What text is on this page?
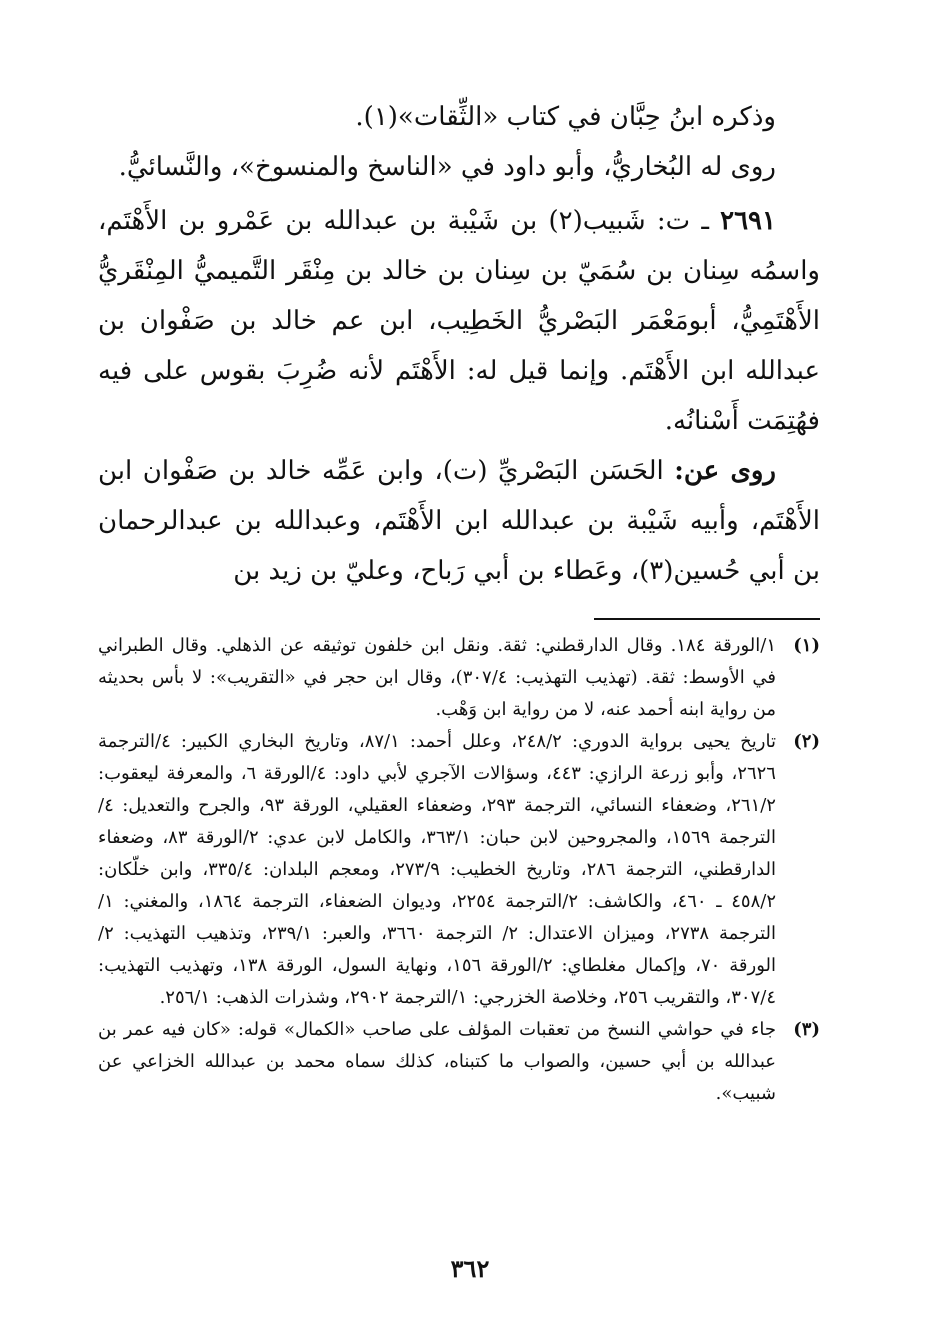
وذكره ابنُ حِبَّان في كتاب «الثِّقات»(١).

روى له البُخاريُّ، وأبو داود في «الناسخ والمنسوخ»، والنَّسائيُّ.

٢٦٩١ ـ ت: شَبيب(٢) بن شَيْبة بن عبدالله بن عَمْرو بن الأَهْتَم، واسمُه سِنان بن سُمَيّ بن سِنان بن خالد بن مِنْقَر التَّميميُّ المِنْقَريُّ الأَهْتَمِيُّ، أبومَعْمَر البَصْريُّ الخَطِيب، ابن عم خالد بن صَفْوان بن عبدالله ابن الأَهْتَم. وإنما قيل له: الأَهْتَم لأنه ضُرِبَ بقوس على فيه فهُتِمَت أَسْنانُه.

روى عن: الحَسَن البَصْريِّ (ت)، وابن عَمِّه خالد بن صَفْوان ابن الأَهْتَم، وأبيه شَيْبة بن عبدالله ابن الأَهْتَم، وعبدالله بن عبدالرحمان بن أبي حُسين(٣)، وعَطاء بن أبي رَباح، وعليّ بن زيد بن

(١)
١/الورقة ١٨٤. وقال الدارقطني: ثقة. ونقل ابن خلفون توثيقه عن الذهلي. وقال الطبراني في الأوسط: ثقة. (تهذيب التهذيب: ٣٠٧/٤)، وقال ابن حجر في «التقريب»: لا بأس بحديثه من رواية ابنه أحمد عنه، لا من رواية ابن وَهْب.
(٢)
تاريخ يحيى برواية الدوري: ٢٤٨/٢، وعلل أحمد: ٨٧/١، وتاريخ البخاري الكبير: ٤/الترجمة ٢٦٢٦، وأبو زرعة الرازي: ٤٤٣، وسؤالات الآجري لأبي داود: ٤/الورقة ٦، والمعرفة ليعقوب: ٢٦١/٢، وضعفاء النسائي، الترجمة ٢٩٣، وضعفاء العقيلي، الورقة ٩٣، والجرح والتعديل: ٤/الترجمة ١٥٦٩، والمجروحين لابن حبان: ٣٦٣/١، والكامل لابن عدي: ٢/الورقة ٨٣، وضعفاء الدارقطني، الترجمة ٢٨٦، وتاريخ الخطيب: ٢٧٣/٩، ومعجم البلدان: ٣٣٥/٤، وابن خلّكان: ٤٥٨/٢ ـ ٤٦٠، والكاشف: ٢/الترجمة ٢٢٥٤، وديوان الضعفاء، الترجمة ١٨٦٤، والمغني: ١/الترجمة ٢٧٣٨، وميزان الاعتدال: ٢/ الترجمة ٣٦٦٠، والعبر: ٢٣٩/١، وتذهيب التهذيب: ٢/الورقة ٧٠، وإكمال مغلطاي: ٢/الورقة ١٥٦، ونهاية السول، الورقة ١٣٨، وتهذيب التهذيب: ٣٠٧/٤، والتقريب ٢٥٦، وخلاصة الخزرجي: ١/الترجمة ٢٩٠٢، وشذرات الذهب: ٢٥٦/١.
(٣)
جاء في حواشي النسخ من تعقبات المؤلف على صاحب «الكمال» قوله: «كان فيه عمر بن عبدالله بن أبي حسين، والصواب ما كتبناه، كذلك سماه محمد بن عبدالله الخزاعي عن شبيب».
٣٦٢
